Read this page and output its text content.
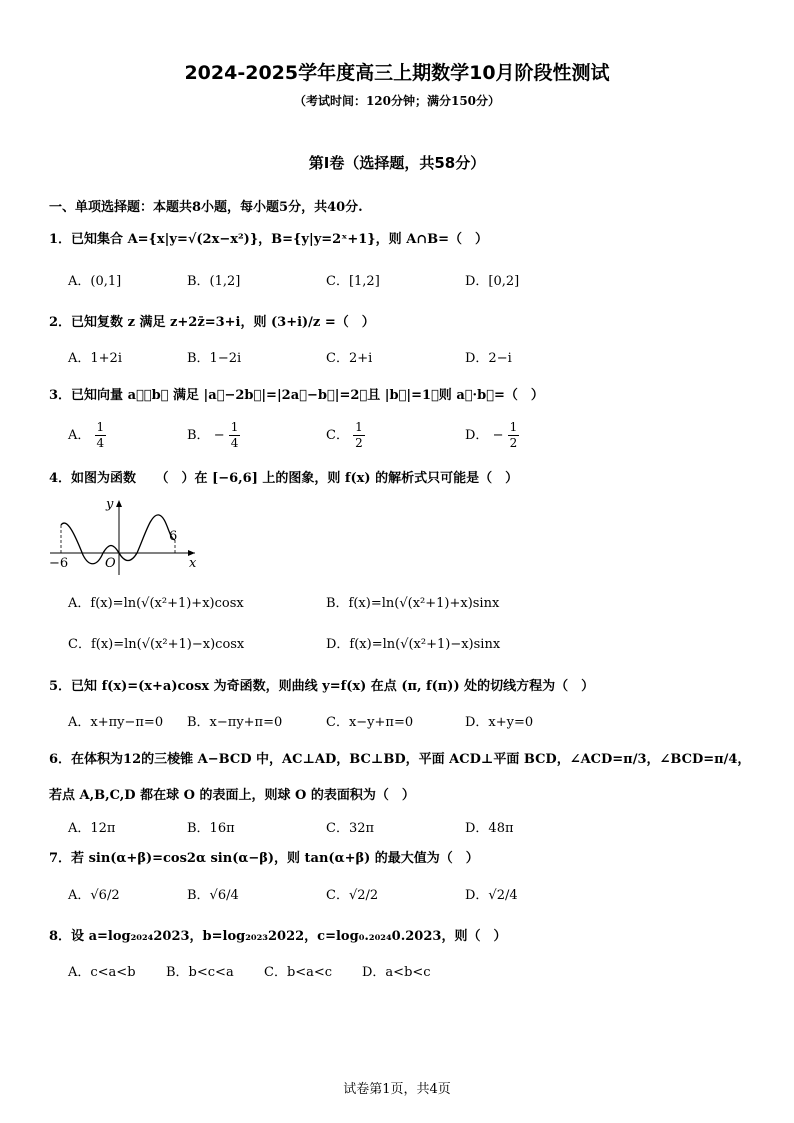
2024-2025学年度高三上期数学10月阶段性测试
（考试时间：120分钟；满分150分）
第Ⅰ卷（选择题，共58分）
一、单项选择题：本题共8小题，每小题5分，共40分.
1．已知集合 A={x|y=√(2x−x²)}，B={y|y=2ˣ+1}，则 A∩B=（　）
A．(0,1]	B．(1,2]	C．[1,2]	D．[0,2]
2．已知复数 z 满足 z+2z̄=3+i，则 (3+i)/z =（　）
A．1+2i	B．1−2i	C．2+i	D．2−i
3．已知向量 a⃗，b⃗ 满足 |a⃗−2b⃗|=|2a⃗−b⃗|=2，且 |b⃗|=1，则 a⃗·b⃗=（　）
A． $\frac{1}{4}$	B． − $\frac{1}{4}$	C． $\frac{1}{2}$	D． − $\frac{1}{2}$
4．如图为函数　　（　）在 [−6,6] 上的图象，则 f(x) 的解析式只可能是（　）
y
x
O
−6
6
A．f(x)=ln(√(x²+1)+x)cosx	B．f(x)=ln(√(x²+1)+x)sinx
C．f(x)=ln(√(x²+1)−x)cosx	D．f(x)=ln(√(x²+1)−x)sinx
5．已知 f(x)=(x+a)cosx 为奇函数，则曲线 y=f(x) 在点 (π, f(π)) 处的切线方程为（　）
A．x+πy−π=0 B．x−πy+π=0	C．x−y+π=0	D．x+y=0
6．在体积为12的三棱锥 A−BCD 中，AC⊥AD，BC⊥BD，平面 ACD⊥平面 BCD，∠ACD=π/3，∠BCD=π/4，
若点 A,B,C,D 都在球 O 的表面上，则球 O 的表面积为（　）
A．12π	B．16π	C．32π	D．48π
7．若 sin(α+β)=cos2α sin(α−β)，则 tan(α+β) 的最大值为（　）
A．√6/2	B．√6/4	C．√2/2	D．√2/4
8．设 a=log₂₀₂₄2023，b=log₂₀₂₃2022，c=log₀.₂₀₂₄0.2023，则（　）
A．c<a<b B．b<c<a C．b<a<c D．a<b<c
试卷第1页，共4页
